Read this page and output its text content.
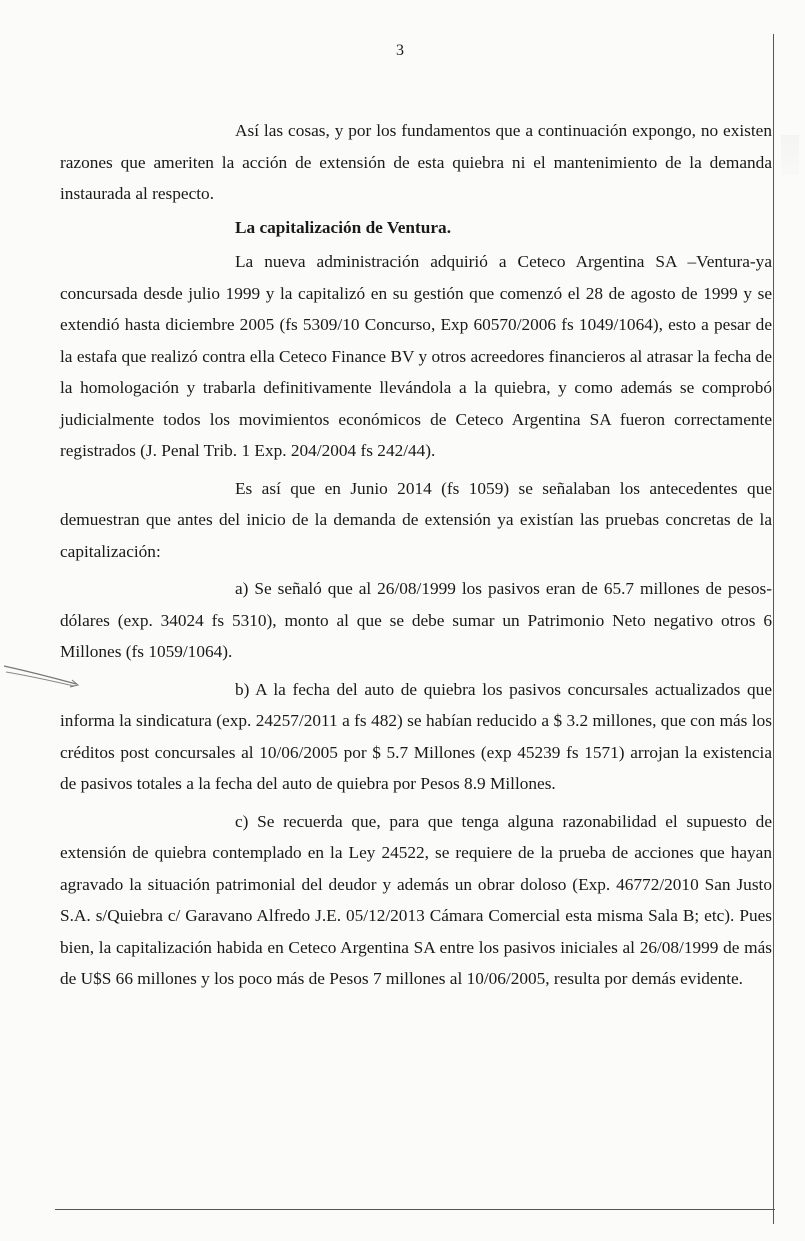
3

Así las cosas, y por los fundamentos que a continuación expongo, no existen razones que ameriten la acción de extensión de esta quiebra ni el mantenimiento de la demanda instaurada al respecto.

La capitalización de Ventura.

La nueva administración adquirió a Ceteco Argentina SA –Ventura-ya concursada desde julio 1999 y la capitalizó en su gestión que comenzó el 28 de agosto de 1999 y se extendió hasta diciembre 2005 (fs 5309/10 Concurso, Exp 60570/2006 fs 1049/1064), esto a pesar de la estafa que realizó contra ella Ceteco Finance BV y otros acreedores financieros al atrasar la fecha de la homologación y trabarla definitivamente llevándola a la quiebra, y como además se comprobó judicialmente todos los movimientos económicos de Ceteco Argentina SA fueron correctamente registrados (J. Penal Trib. 1 Exp. 204/2004 fs 242/44).

Es así que en Junio 2014 (fs 1059) se señalaban los antecedentes que demuestran que antes del inicio de la demanda de extensión ya existían las pruebas concretas de la capitalización:

a) Se señaló que al 26/08/1999 los pasivos eran de 65.7 millones de pesos-dólares (exp. 34024 fs 5310), monto al que se debe sumar un Patrimonio Neto negativo otros 6 Millones (fs 1059/1064).

b) A la fecha del auto de quiebra los pasivos concursales actualizados que informa la sindicatura (exp. 24257/2011 a fs 482) se habían reducido a $ 3.2 millones, que con más los créditos post concursales al 10/06/2005 por $ 5.7 Millones (exp 45239 fs 1571) arrojan la existencia de pasivos totales a la fecha del auto de quiebra por Pesos 8.9 Millones.

c) Se recuerda que, para que tenga alguna razonabilidad el supuesto de extensión de quiebra contemplado en la Ley 24522, se requiere de la prueba de acciones que hayan agravado la situación patrimonial del deudor y además un obrar doloso (Exp. 46772/2010 San Justo S.A. s/Quiebra c/ Garavano Alfredo J.E. 05/12/2013 Cámara Comercial esta misma Sala B; etc). Pues bien, la capitalización habida en Ceteco Argentina SA entre los pasivos iniciales al 26/08/1999 de más de U$S 66 millones y los poco más de Pesos 7 millones al 10/06/2005, resulta por demás evidente.
